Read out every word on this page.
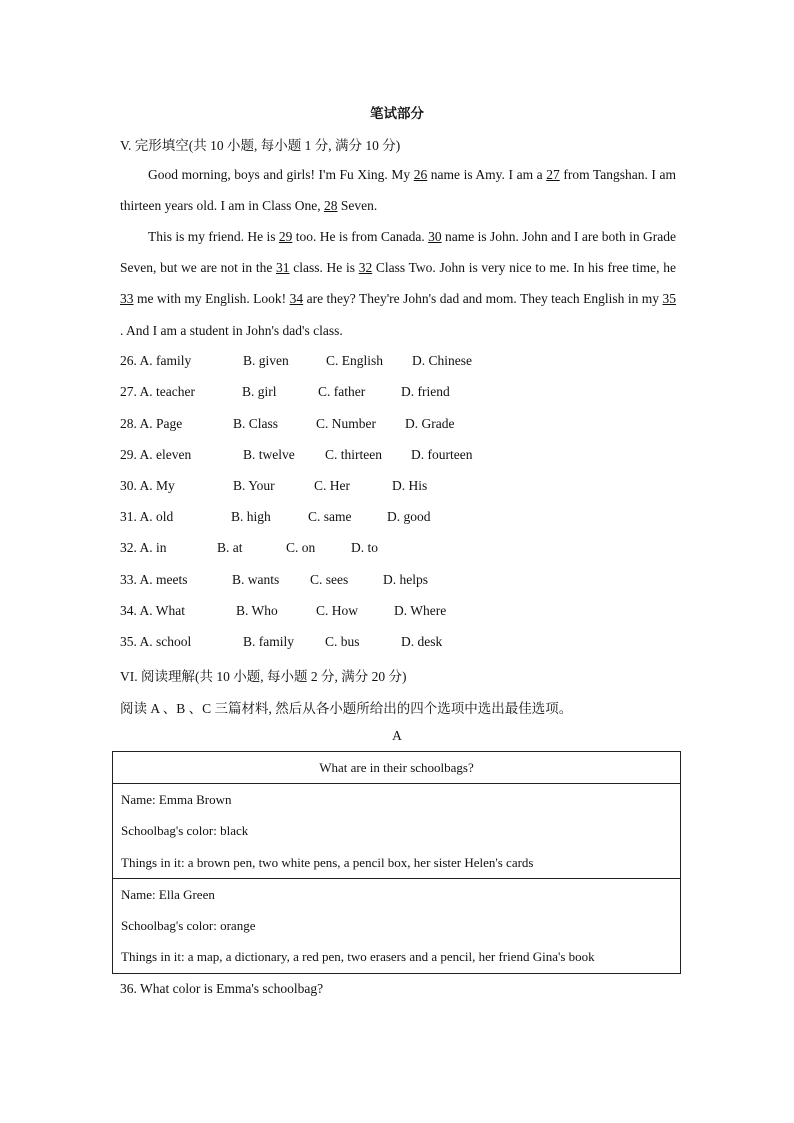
笔试部分
V. 完形填空(共 10 小题, 每小题 1 分, 满分 10 分)
Good morning, boys and girls! I'm Fu Xing. My 26 name is Amy. I am a 27 from Tangshan. I am thirteen years old. I am in Class One, 28 Seven.
This is my friend. He is 29 too. He is from Canada. 30 name is John. John and I are both in Grade Seven, but we are not in the 31 class. He is 32 Class Two. John is very nice to me. In his free time, he 33 me with my English. Look! 34 are they? They're John's dad and mom. They teach English in my 35 . And I am a student in John's dad's class.
26. A. family	B. given	C. English D. Chinese
27. A. teacher	B. girl	C. father	D. friend
28. A. Page	B. Class	C. Number D. Grade
29. A. eleven	B. twelve C. thirteen D. fourteen
30. A. My	B. Your	C. Her	D. His
31. A. old	B. high	C. same	D. good
32. A. in	B. at	C. on	D. to
33. A. meets	B. wants C. sees	D. helps
34. A. What	B. Who	C. How	D. Where
35. A. school	B. family C. bus	D. desk
VI. 阅读理解(共 10 小题, 每小题 2 分, 满分 20 分)
阅读 A 、B 、C 三篇材料, 然后从各小题所给出的四个选项中选出最佳选项。
A
What are in their schoolbags?

Name: Emma Brown
Schoolbag's color: black
Things in it: a brown pen, two white pens, a pencil box, her sister Helen's cards

Name: Ella Green
Schoolbag's color: orange
Things in it: a map, a dictionary, a red pen, two erasers and a pencil, her friend Gina's book
36. What color is Emma's schoolbag?
